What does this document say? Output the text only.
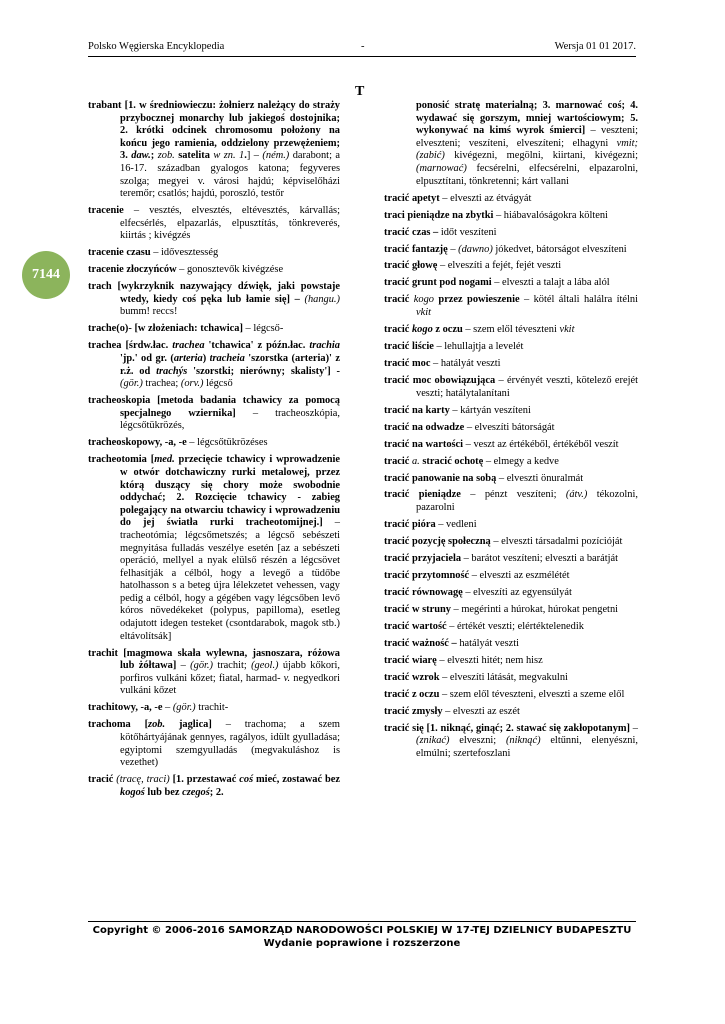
Polsko Węgierska Encyklopedia	-	Wersja 01 01 2017.
T
7144
trabant [1. w średniowieczu: żołnierz należący do straży przybocznej monarchy lub jakiegoś dostojnika; 2. krótki odcinek chromosomu położony na końcu jego ramienia, oddzielony przewężeniem; 3. daw.; zob. satelita w zn. 1.] – (ném.) darabont; a 16-17. században gyalogos katona; fegyveres szolga; megyei v. városi hajdú; képviselőházi teremőr; csatlós; hajdú, poroszló, testőr
tracenie – vesztés, elvesztés, eltévesztés, kárvallás; elfecsérlés, elpazarlás, elpusztítás, tönkreverés, kiirtás ; kivégzés
tracenie czasu – idővesztesség
tracenie złoczyńców – gonosztevők kivégzése
trach [wykrzyknik nazywający dźwięk, jaki powstaje wtedy, kiedy coś pęka lub łamie się] – (hangu.) bumm! reccs!
trache(o)- [w złożeniach: tchawica] – légcső-
trachea [śrdw.łac. trachea 'tchawica' z późn.łac. trachia 'jp.' od gr. (arteria) tracheia 'szorstka (arteria)' z r.ż. od trachýs 'szorstki; nierówny; skalisty'] - (gör.) trachea; (orv.) légcső
tracheoskopia [metoda badania tchawicy za pomocą specjalnego wziernika] – tracheoszkópia, légcsőtükrözés,
tracheoskopowy, -a, -e – légcsőtükrözéses
tracheotomia [med. przecięcie tchawicy i wprowadzenie w otwór dotchawiczny rurki metalowej, przez którą duszący się chory może swobodnie oddychać; 2. Rozcięcie tchawicy - zabieg polegający na otwarciu tchawicy i wprowadzeniu do jej światła rurki tracheotomijnej.] – tracheotómia; légcsőmetszés; a légcső sebészeti megnyitása fulladás veszélye esetén [az a sebészeti operáció, mellyel a nyak elülső részén a légcsövet felhasítják a célból, hogy a levegő a tüdőbe hatolhasson s a beteg újra lélekzetet vehessen, vagy pedig a célból, hogy a gégében vagy légcsőben levő kóros növedékeket (polypus, papilloma), esetleg odajutott idegen testeket (csontdarabok, magok stb.) eltávolítsák]
trachit [magmowa skała wylewna, jasnoszara, różowa lub żółtawa] – (gör.) trachit; (geol.) újabb kőkori, porfiros vulkáni kőzet; fiatal, harmad- v. negyedkori vulkáni kőzet
trachitowy, -a, -e – (gör.) trachit-
trachoma [zob. jaglica] – trachoma; a szem kötőhártyájának gennyes, ragályos, idült gyulladása; egyiptomi szemgyulladás (megvakuláshoz is vezethet)
tracić (tracę, traci) [1. przestawać coś mieć, zostawać bez kogoś lub bez czegoś; 2.
ponosić stratę materialną; 3. marnować coś; 4. wydawać się gorszym, mniej wartościowym; 5. wykonywać na kimś wyrok śmierci] – veszteni; elveszteni; veszíteni, elveszíteni; elhagyni vmit; (zabić) kivégezni, megölni, kiirtani, kivégezni; (marnować) fecsérelni, elfecsérelni, elpazarolni, elpusztítani, tönkretenni; kárt vallani
tracić apetyt – elveszti az étvágyát
traci pieniądze na zbytki – hiábavalóságokra költeni
tracić czas – időt veszíteni
tracić fantazję – (dawno) jókedvet, bátorságot elveszíteni
tracić głowę – elveszíti a fejét, fejét veszti
tracić grunt pod nogami – elveszti a talajt a lába alól
tracić kogo przez powieszenie – kötél általi halálra ítélni vkit
tracić kogo z oczu – szem elől téveszteni vkit
tracić liście – lehullajtja a levelét
tracić moc – hatályát veszti
tracić moc obowiązująca – érvényét veszti, kötelező erejét veszti; hatálytalanítani
tracić na karty – kártyán veszíteni
tracić na odwadze – elveszíti bátorságát
tracić na wartości – veszt az értékéből, értékéből veszít
tracić a. stracić ochotę – elmegy a kedve
tracić panowanie na sobą – elveszti önuralmát
tracić pieniądze – pénzt veszíteni; (átv.) tékozolni, pazarolni
tracić pióra – vedleni
tracić pozycję społeczną – elveszti társadalmi pozícióját
tracić przyjaciela – barátot veszíteni; elveszti a barátját
tracić przytomność – elveszti az eszmélétét
tracić równowagę – elveszíti az egyensúlyát
tracić w struny – megérinti a húrokat, húrokat pengetni
tracić wartość – értékét veszti; elértéktelenedik
tracić ważność – hatályát veszti
tracić wiarę – elveszti hitét; nem hisz
tracić wzrok – elveszíti látását, megvakulni
tracić z oczu – szem elől téveszteni, elveszti a szeme elől
tracić zmysły – elveszti az eszét
tracić się [1. niknąć, ginąć; 2. stawać się zakłopotanym] – (znikać) elveszni; (niknąć) eltűnni, elenyészni, elmúlni; szertefoszlani
Copyright © 2006-2016 SAMORZĄD NARODOWOŚCI POLSKIEJ W 17-TEJ DZIELNICY BUDAPESZTU
Wydanie poprawione i rozszerzone
